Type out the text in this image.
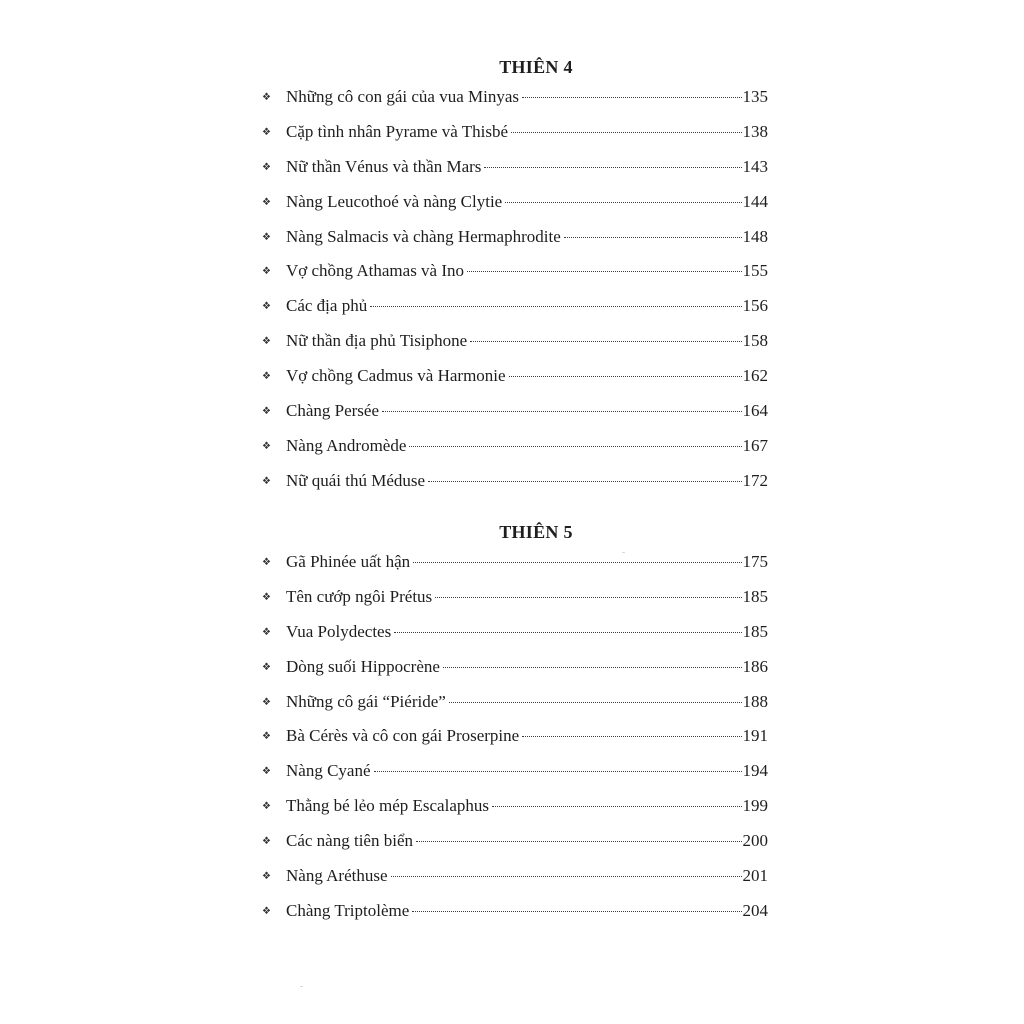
THIÊN 4
❖ Những cô con gái của vua Minyas	135
❖ Cặp tình nhân Pyrame và Thisbé	138
❖ Nữ thần Vénus và thần Mars	143
❖ Nàng Leucothoé và nàng Clytie	144
❖ Nàng Salmacis và chàng Hermaphrodite	148
❖ Vợ chồng Athamas và Ino	155
❖ Các địa phủ	156
❖ Nữ thần địa phủ Tisiphone	158
❖ Vợ chồng Cadmus và Harmonie	162
❖ Chàng Persée	164
❖ Nàng Andromède	167
❖ Nữ quái thú Méduse	172
THIÊN 5
❖ Gã Phinée uất hận	175
❖ Tên cướp ngôi Prétus	185
❖ Vua Polydectes	185
❖ Dòng suối Hippocrène	186
❖ Những cô gái “Piéride”	188
❖ Bà Cérès và cô con gái Proserpine	191
❖ Nàng Cyané	194
❖ Thằng bé lẻo mép Escalaphus	199
❖ Các nàng tiên biển	200
❖ Nàng Aréthuse	201
❖ Chàng Triptolème	204
